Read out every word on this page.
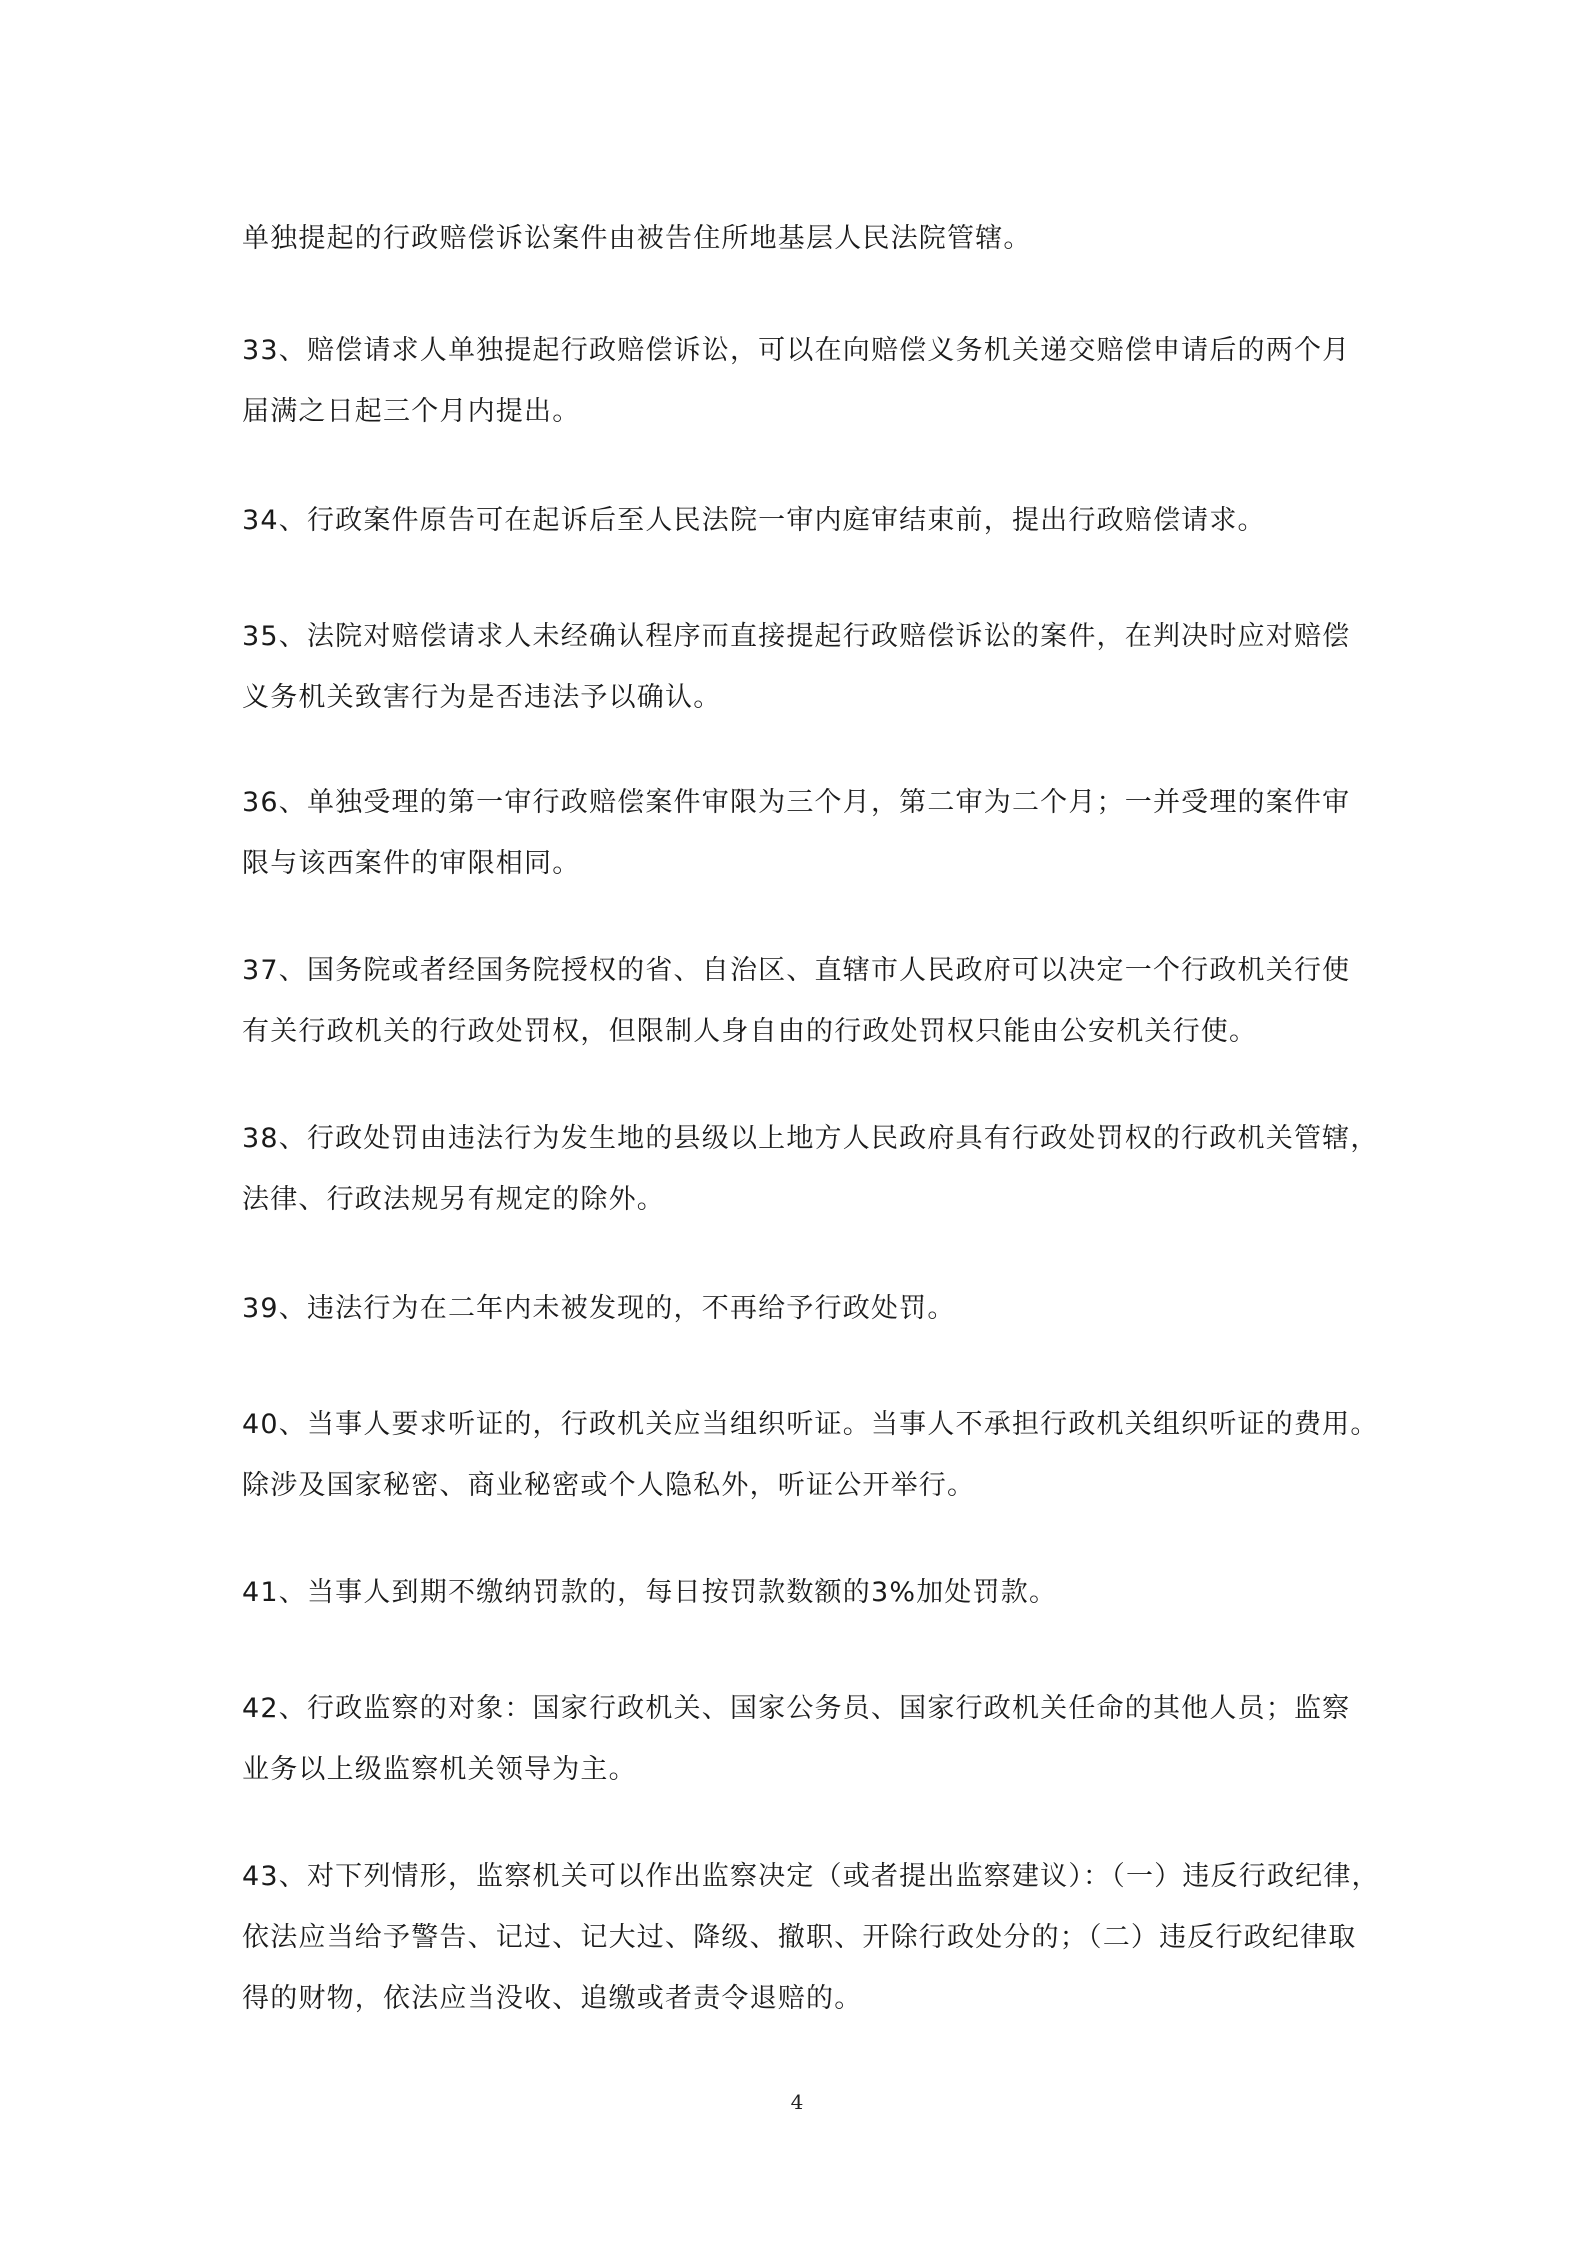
单独提起的行政赔偿诉讼案件由被告住所地基层人民法院管辖。

33、赔偿请求人单独提起行政赔偿诉讼，可以在向赔偿义务机关递交赔偿申请后的两个月
届满之日起三个月内提出。

34、行政案件原告可在起诉后至人民法院一审内庭审结束前，提出行政赔偿请求。

35、法院对赔偿请求人未经确认程序而直接提起行政赔偿诉讼的案件，在判决时应对赔偿
义务机关致害行为是否违法予以确认。

36、单独受理的第一审行政赔偿案件审限为三个月，第二审为二个月；一并受理的案件审
限与该西案件的审限相同。

37、国务院或者经国务院授权的省、自治区、直辖市人民政府可以决定一个行政机关行使
有关行政机关的行政处罚权，但限制人身自由的行政处罚权只能由公安机关行使。

38、行政处罚由违法行为发生地的县级以上地方人民政府具有行政处罚权的行政机关管辖，
法律、行政法规另有规定的除外。

39、违法行为在二年内未被发现的，不再给予行政处罚。

40、当事人要求听证的，行政机关应当组织听证。当事人不承担行政机关组织听证的费用。
除涉及国家秘密、商业秘密或个人隐私外，听证公开举行。

41、当事人到期不缴纳罚款的，每日按罚款数额的3%加处罚款。

42、行政监察的对象：国家行政机关、国家公务员、国家行政机关任命的其他人员；监察
业务以上级监察机关领导为主。

43、对下列情形，监察机关可以作出监察决定（或者提出监察建议）：（一）违反行政纪律，
依法应当给予警告、记过、记大过、降级、撤职、开除行政处分的；（二）违反行政纪律取
得的财物，依法应当没收、追缴或者责令退赔的。

4
